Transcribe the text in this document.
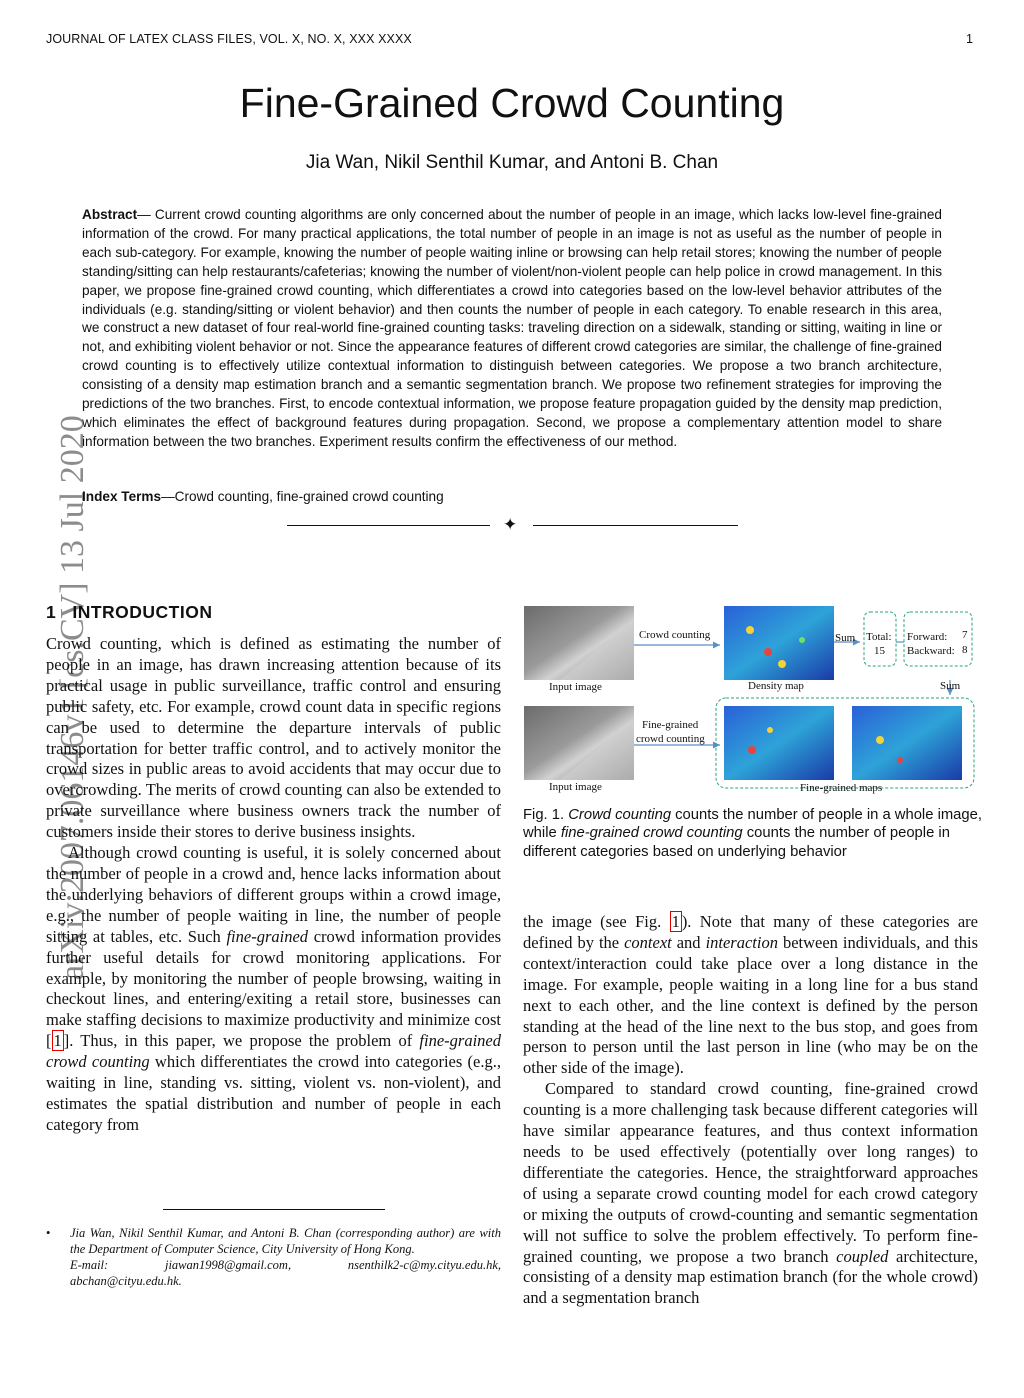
JOURNAL OF LATEX CLASS FILES, VOL. X, NO. X, XXX XXXX	1
Fine-Grained Crowd Counting
Jia Wan, Nikil Senthil Kumar, and Antoni B. Chan
Abstract— Current crowd counting algorithms are only concerned about the number of people in an image, which lacks low-level fine-grained information of the crowd. For many practical applications, the total number of people in an image is not as useful as the number of people in each sub-category. For example, knowing the number of people waiting inline or browsing can help retail stores; knowing the number of people standing/sitting can help restaurants/cafeterias; knowing the number of violent/non-violent people can help police in crowd management. In this paper, we propose fine-grained crowd counting, which differentiates a crowd into categories based on the low-level behavior attributes of the individuals (e.g. standing/sitting or violent behavior) and then counts the number of people in each category. To enable research in this area, we construct a new dataset of four real-world fine-grained counting tasks: traveling direction on a sidewalk, standing or sitting, waiting in line or not, and exhibiting violent behavior or not. Since the appearance features of different crowd categories are similar, the challenge of fine-grained crowd counting is to effectively utilize contextual information to distinguish between categories. We propose a two branch architecture, consisting of a density map estimation branch and a semantic segmentation branch. We propose two refinement strategies for improving the predictions of the two branches. First, to encode contextual information, we propose feature propagation guided by the density map prediction, which eliminates the effect of background features during propagation. Second, we propose a complementary attention model to share information between the two branches. Experiment results confirm the effectiveness of our method.
Index Terms—Crowd counting, fine-grained crowd counting
✦
arXiv:2007.06146v1 [cs.CV] 13 Jul 2020
1 INTRODUCTION

Crowd counting, which is defined as estimating the number of people in an image, has drawn increasing attention because of its practical usage in public surveillance, traffic control and ensuring public safety, etc. For example, crowd count data in specific regions can be used to determine the departure intervals of public transportation for better traffic control, and to actively monitor the crowd sizes in public areas to avoid accidents that may occur due to overcrowding. The merits of crowd counting can also be extended to private surveillance where business owners track the number of customers inside their stores to derive business insights.

Although crowd counting is useful, it is solely concerned about the number of people in a crowd and, hence lacks information about the underlying behaviors of different groups within a crowd image, e.g., the number of people waiting in line, the number of people sitting at tables, etc. Such fine-grained crowd information provides further useful details for crowd monitoring applications. For example, by monitoring the number of people browsing, waiting in checkout lines, and entering/exiting a retail store, businesses can make staffing decisions to maximize productivity and minimize cost [ 1 ]. Thus, in this paper, we propose the problem of fine-grained crowd counting which differentiates the crowd into categories (e.g., waiting in line, standing vs. sitting, violent vs. non-violent), and estimates the spatial distribution and number of people in each category from

• Jia Wan, Nikil Senthil Kumar, and Antoni B. Chan (corresponding author) are with the Department of Computer Science, City University of Hong Kong.

E-mail:	jiawan1998@gmail.com,	nsenthilk2-c@my.cityu.edu.hk,
abchan@cityu.edu.hk.
Input image
Input image
Crowd counting
Fine-grained
crowd counting
Density map
Fine-grained maps
Sum
Sum
Total:
15
Forward: 7
Backward: 8
Fig. 1. Crowd counting counts the number of people in a whole image, while fine-grained crowd counting counts the number of people in different categories based on underlying behavior

the image (see Fig. 1 ). Note that many of these categories are defined by the context and interaction between individuals, and this context/interaction could take place over a long distance in the image. For example, people waiting in a long line for a bus stand next to each other, and the line context is defined by the person standing at the head of the line next to the bus stop, and goes from person to person until the last person in line (who may be on the other side of the image).

Compared to standard crowd counting, fine-grained crowd counting is a more challenging task because different categories will have similar appearance features, and thus context information needs to be used effectively (potentially over long ranges) to differentiate the categories. Hence, the straightforward approaches of using a separate crowd counting model for each crowd category or mixing the outputs of crowd-counting and semantic segmentation will not suffice to solve the problem effectively. To perform fine-grained counting, we propose a two branch coupled architecture, consisting of a density map estimation branch (for the whole crowd) and a segmentation branch
